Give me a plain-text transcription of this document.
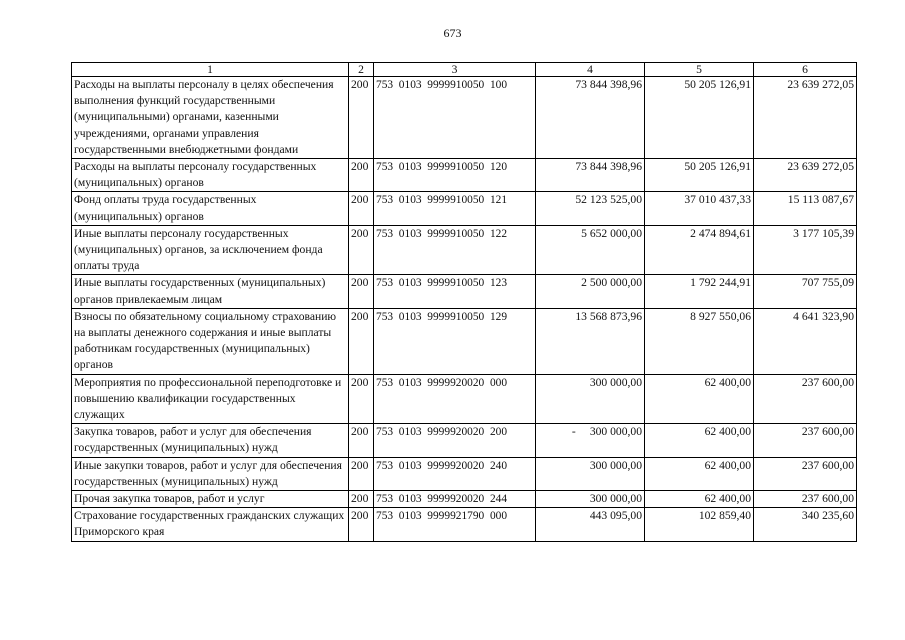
673
1	2	3	4	5	6
Расходы на выплаты персоналу в целях обеспечения выполнения функций государственными (муниципальными) органами, казенными учреждениями, органами управления государственными внебюджетными фондами	200	753 0103 9999910050 100	73 844 398,96	50 205 126,91	23 639 272,05
Расходы на выплаты персоналу государственных (муниципальных) органов	200	753 0103 9999910050 120	73 844 398,96	50 205 126,91	23 639 272,05
Фонд оплаты труда государственных (муниципальных) органов	200	753 0103 9999910050 121	52 123 525,00	37 010 437,33	15 113 087,67
Иные выплаты персоналу государственных (муниципальных) органов, за исключением фонда оплаты труда	200	753 0103 9999910050 122	5 652 000,00	2 474 894,61	3 177 105,39
Иные выплаты государственных (муниципальных) органов привлекаемым лицам	200	753 0103 9999910050 123	2 500 000,00	1 792 244,91	707 755,09
Взносы по обязательному социальному страхованию на выплаты денежного содержания и иные выплаты работникам государственных (муниципальных) органов	200	753 0103 9999910050 129	13 568 873,96	8 927 550,06	4 641 323,90
Мероприятия по профессиональной переподготовке и повышению квалификации государственных служащих	200	753 0103 9999920020 000	300 000,00	62 400,00	237 600,00
Закупка товаров, работ и услуг для обеспечения государственных (муниципальных) нужд	200	753 0103 9999920020 200	- 300 000,00	62 400,00	237 600,00
Иные закупки товаров, работ и услуг для обеспечения государственных (муниципальных) нужд	200	753 0103 9999920020 240	300 000,00	62 400,00	237 600,00
Прочая закупка товаров, работ и услуг	200	753 0103 9999920020 244	300 000,00	62 400,00	237 600,00
Страхование государственных гражданских служащих Приморского края	200	753 0103 9999921790 000	443 095,00	102 859,40	340 235,60
